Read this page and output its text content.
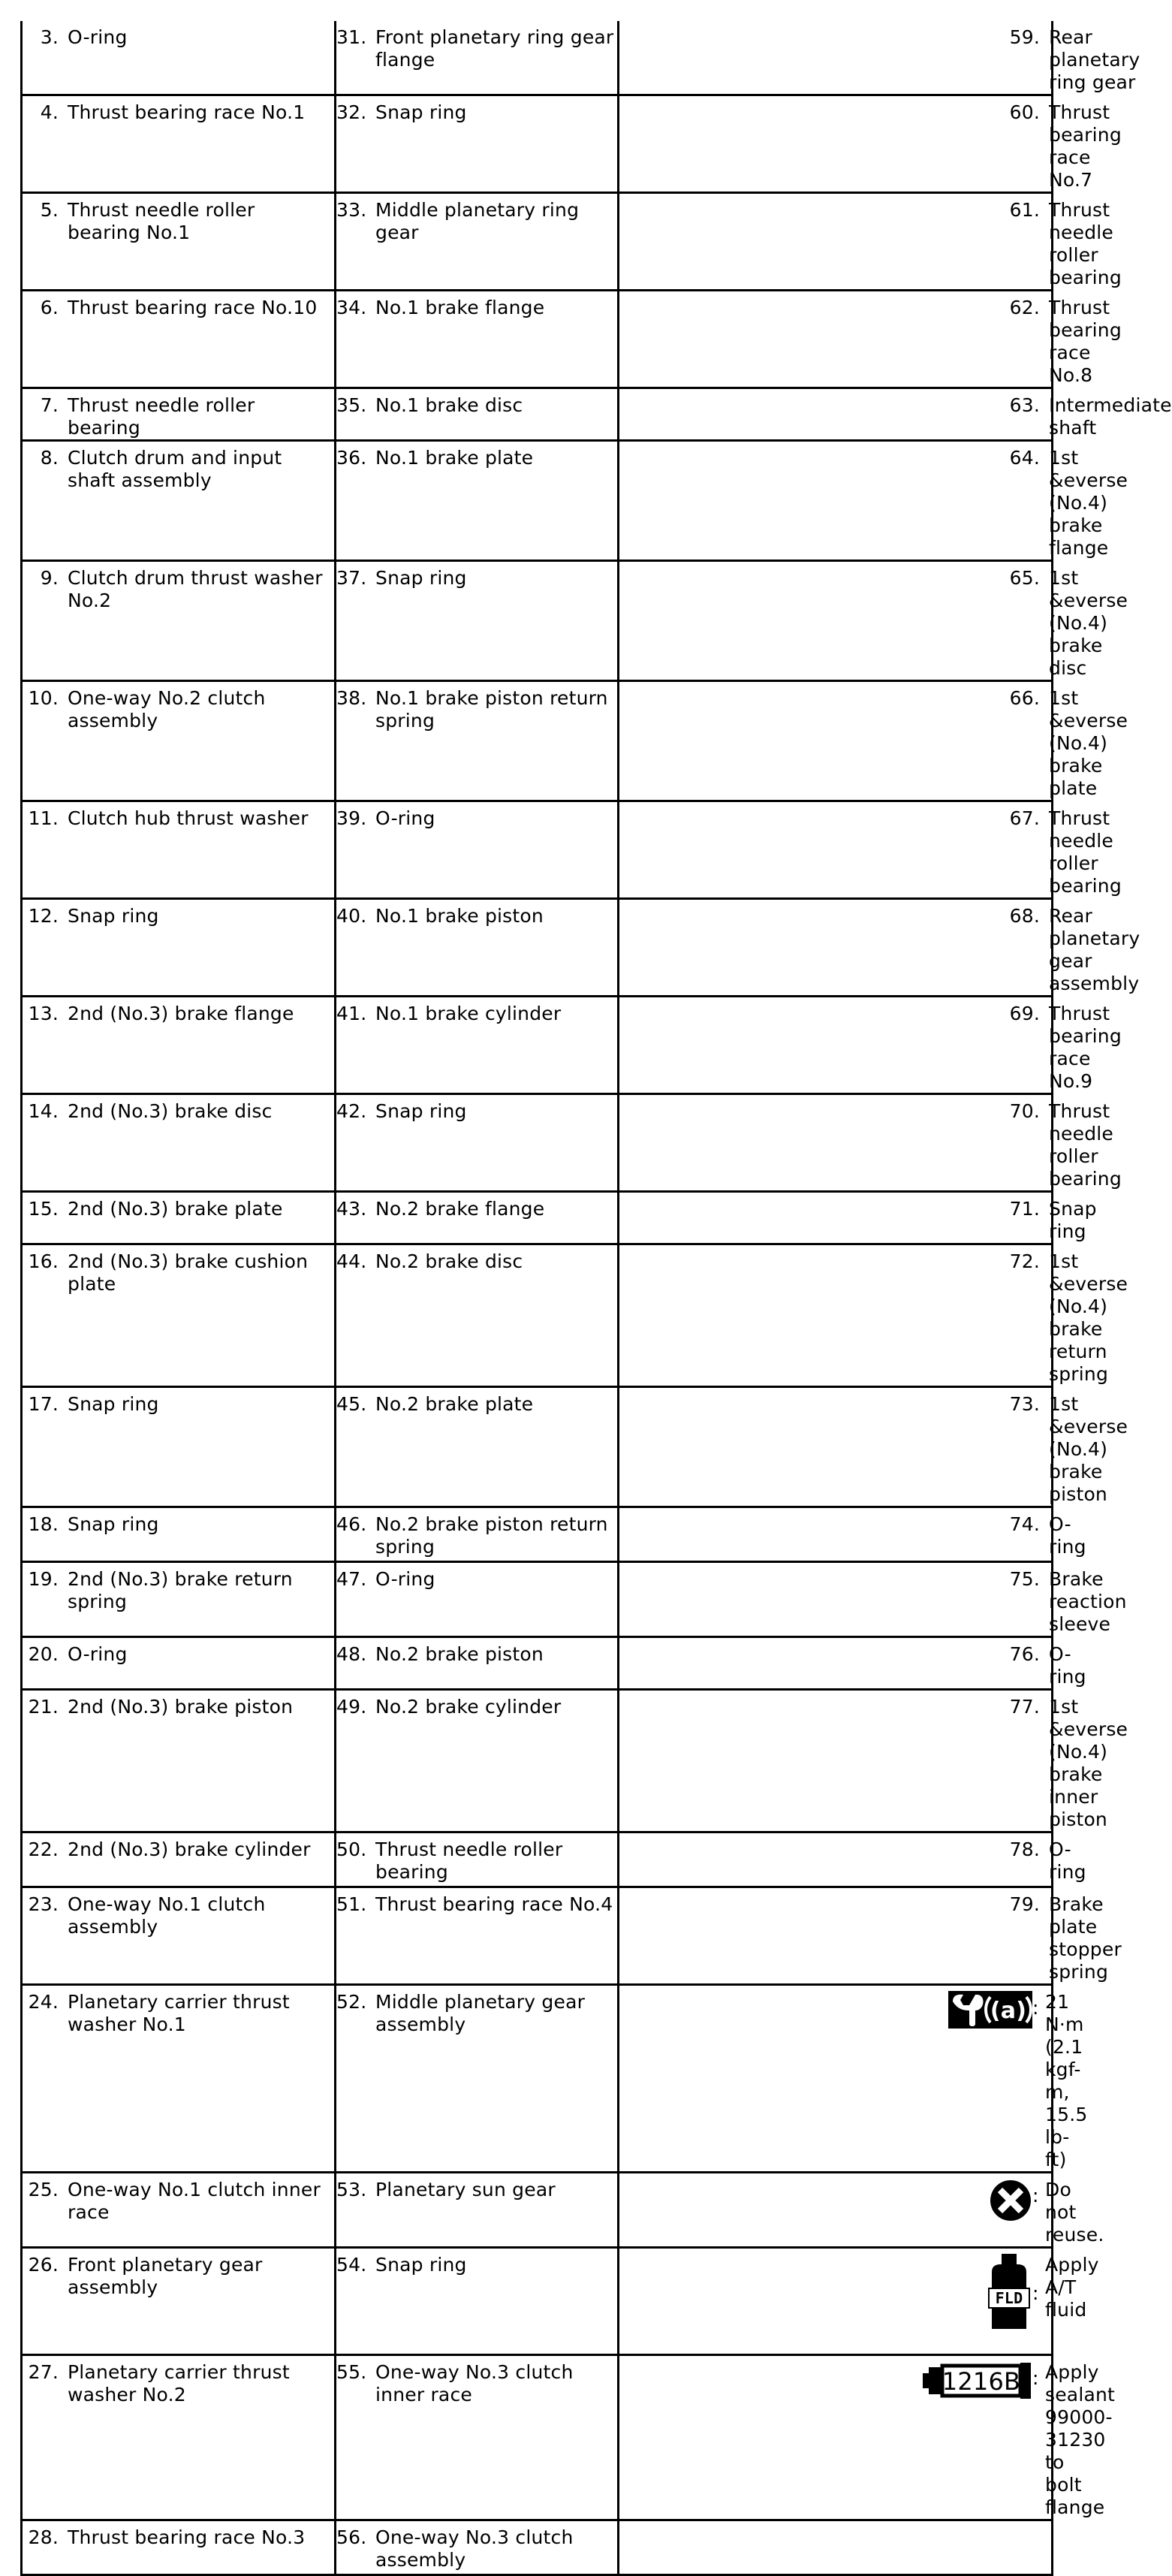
3. O-ring	31. Front planetary ring gear flange	59. Rear planetary ring gear

4. Thrust bearing race No.1	32. Snap ring	60. Thrust bearing race No.7

5. Thrust needle roller bearing No.1	33. Middle planetary ring gear	61. Thrust needle roller bearing

6. Thrust bearing race No.10	34. No.1 brake flange	62. Thrust bearing race No.8

7. Thrust needle roller bearing	35. No.1 brake disc	63. Intermediate shaft

8. Clutch drum and input shaft assembly	36. No.1 brake plate	64. 1st &everse (No.4) brake flange

9. Clutch drum thrust washer No.2	37. Snap ring	65. 1st &everse (No.4) brake disc

10. One-way No.2 clutch assembly	38. No.1 brake piston return spring	66. 1st &everse (No.4) brake plate

11. Clutch hub thrust washer	39. O-ring	67. Thrust needle roller bearing

12. Snap ring	40. No.1 brake piston	68. Rear planetary gear assembly

13. 2nd (No.3) brake flange	41. No.1 brake cylinder	69. Thrust bearing race No.9

14. 2nd (No.3) brake disc	42. Snap ring	70. Thrust needle roller bearing

15. 2nd (No.3) brake plate	43. No.2 brake flange	71. Snap ring

16. 2nd (No.3) brake cushion plate	44. No.2 brake disc	72. 1st &everse (No.4) brake return spring

17. Snap ring	45. No.2 brake plate	73. 1st &everse (No.4) brake piston

18. Snap ring	46. No.2 brake piston return spring	74. O-ring

19. 2nd (No.3) brake return spring	47. O-ring	75. Brake reaction sleeve

20. O-ring	48. No.2 brake piston	76. O-ring

21. 2nd (No.3) brake piston	49. No.2 brake cylinder	77. 1st &everse (No.4) brake inner piston

22. 2nd (No.3) brake cylinder	50. Thrust needle roller bearing	78. O-ring

23. One-way No.1 clutch assembly	51. Thrust bearing race No.4	79. Brake plate stopper spring

24. Planetary carrier thrust washer No.1	52. Middle planetary gear assembly	(a) : 21 N·m (2.1 kgf-m, 15.5 lb-ft)

25. One-way No.1 clutch inner race	53. Planetary sun gear	: Do not reuse.

26. Front planetary gear assembly	54. Snap ring	FLD :
Apply A/T fluid

27. Planetary carrier thrust washer No.2	55. One-way No.3 clutch inner race	1216B : Apply sealant 99000-31230 to
bolt flange

28. Thrust bearing race No.3	56. One-way No.3 clutch assembly	
